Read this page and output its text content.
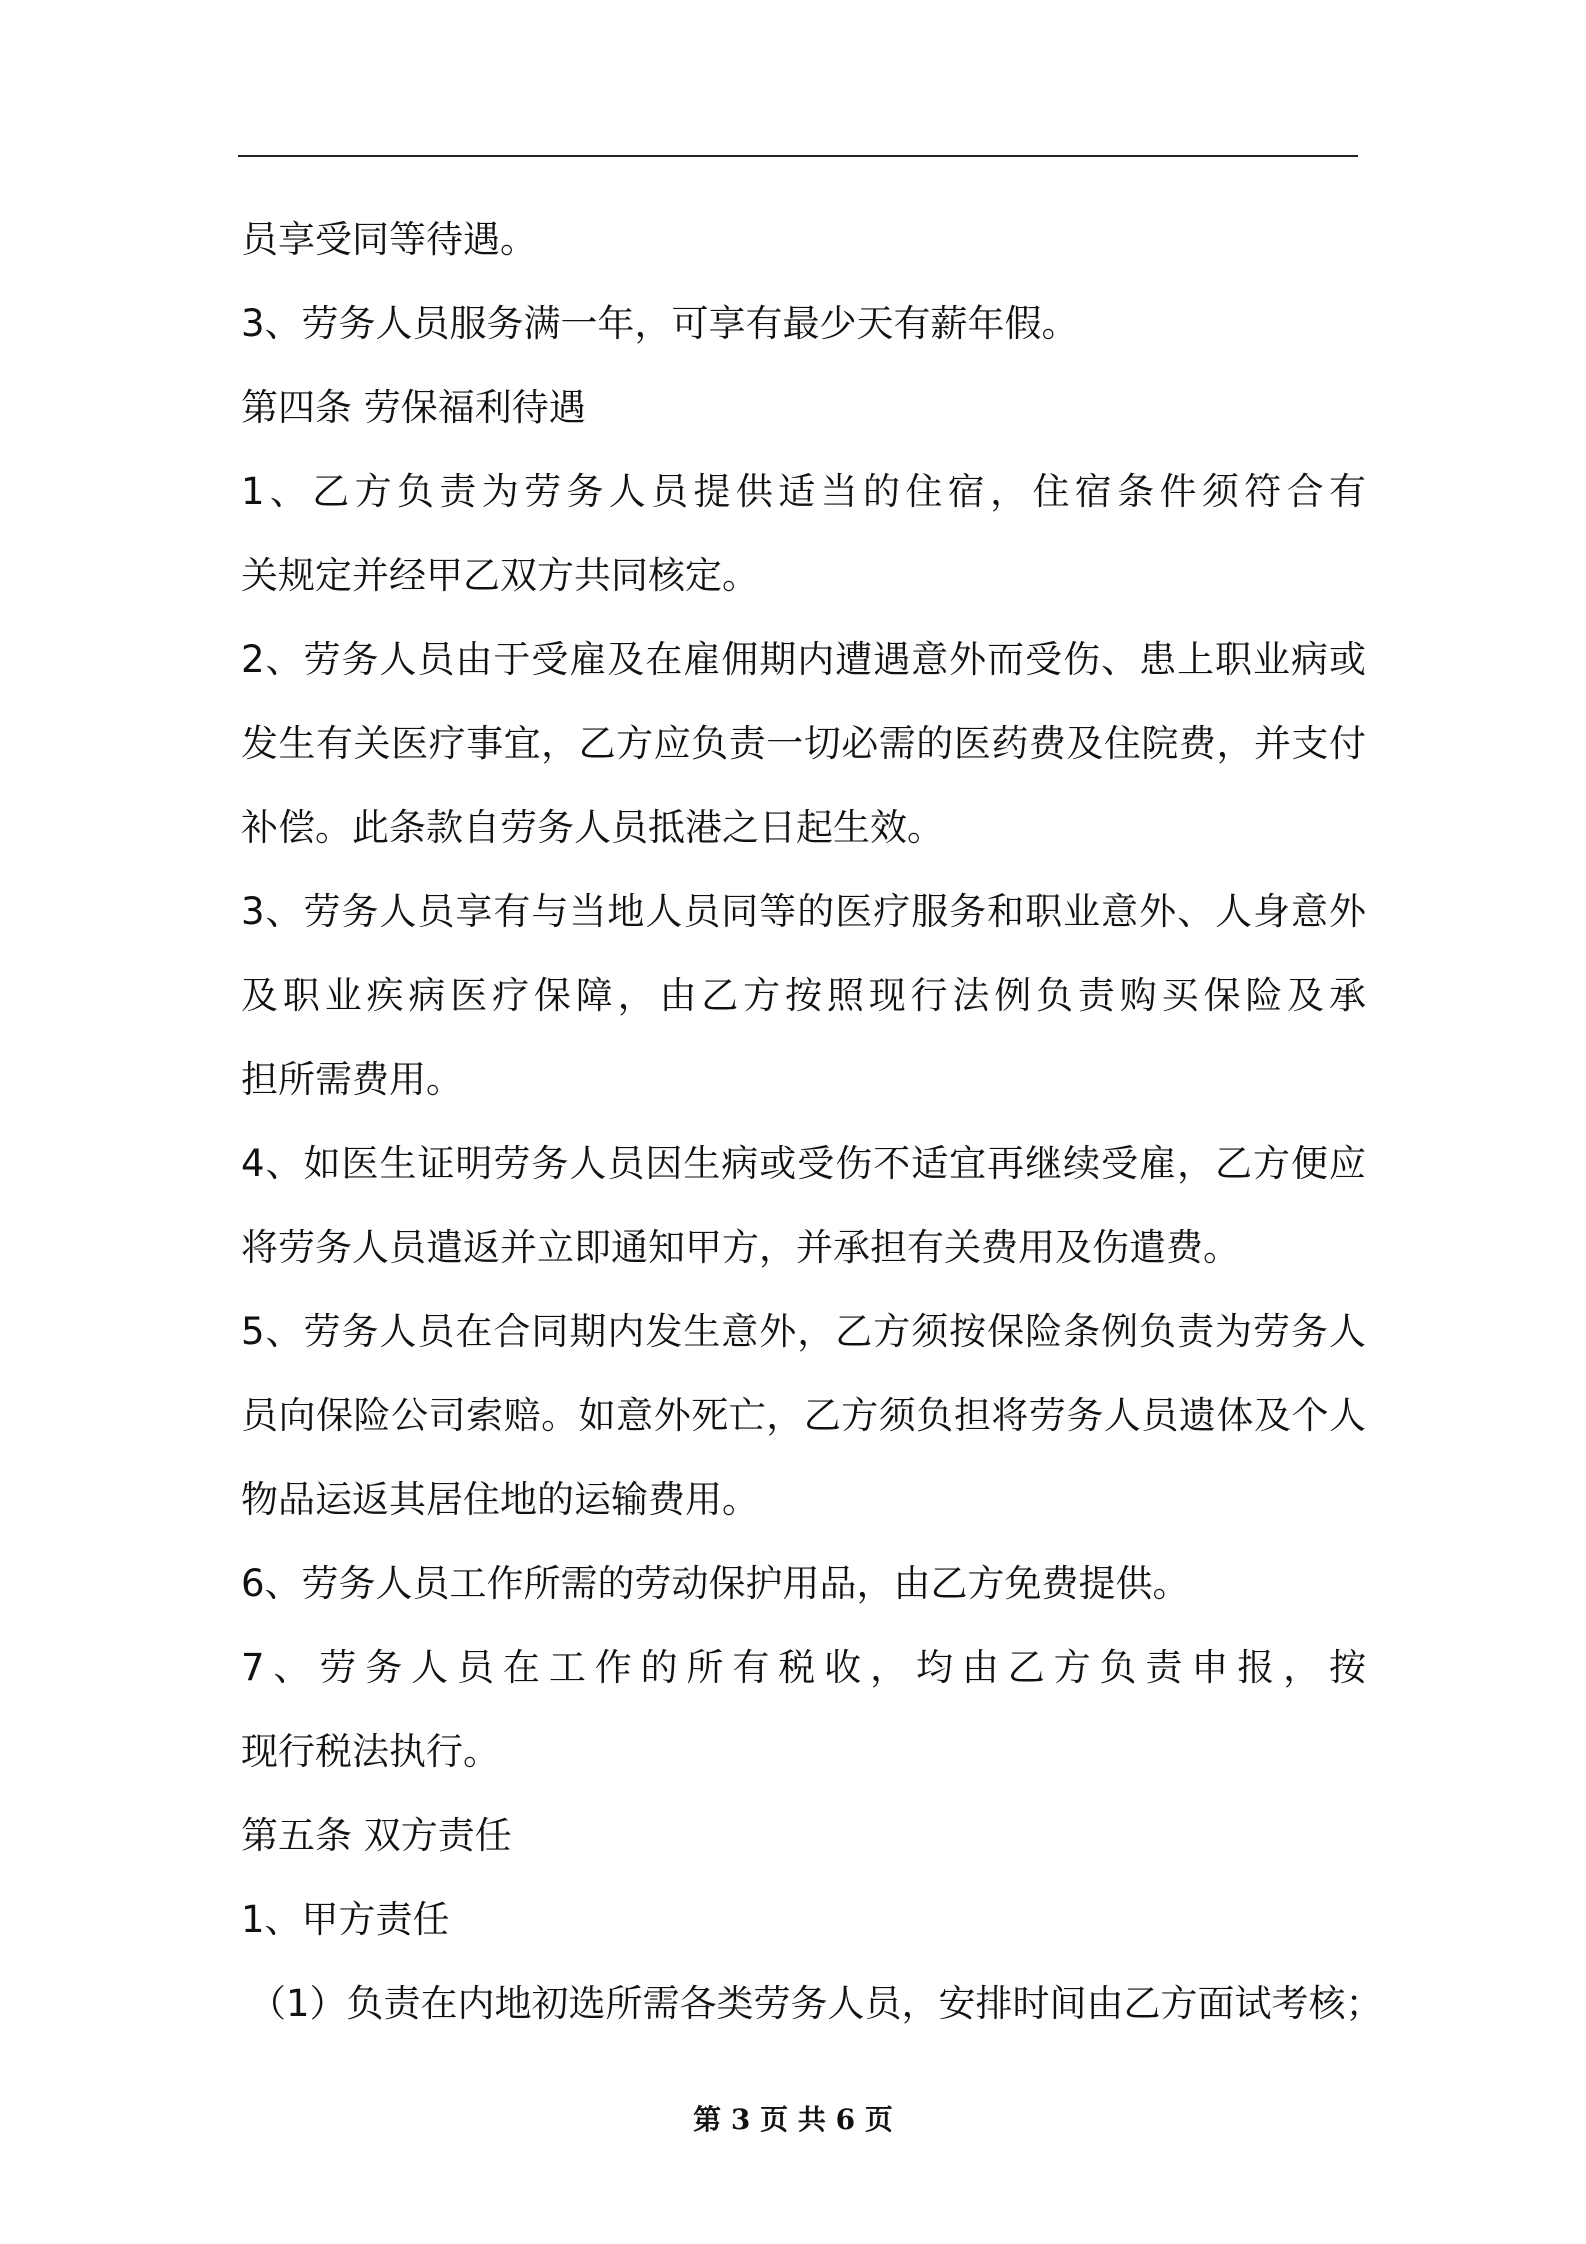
员享受同等待遇。
3、劳务人员服务满一年，可享有最少天有薪年假。
第四条 劳保福利待遇
1、乙方负责为劳务人员提供适当的住宿，住宿条件须符合有
关规定并经甲乙双方共同核定。
2、劳务人员由于受雇及在雇佣期内遭遇意外而受伤、患上职业病或
发生有关医疗事宜，乙方应负责一切必需的医药费及住院费，并支付
补偿。此条款自劳务人员抵港之日起生效。
3、劳务人员享有与当地人员同等的医疗服务和职业意外、人身意外
及职业疾病医疗保障，由乙方按照现行法例负责购买保险及承
担所需费用。
4、如医生证明劳务人员因生病或受伤不适宜再继续受雇，乙方便应
将劳务人员遣返并立即通知甲方，并承担有关费用及伤遣费。
5、劳务人员在合同期内发生意外，乙方须按保险条例负责为劳务人
员向保险公司索赔。如意外死亡，乙方须负担将劳务人员遗体及个人
物品运返其居住地的运输费用。
6、劳务人员工作所需的劳动保护用品，由乙方免费提供。
7、劳务人员在工作的所有税收，均由乙方负责申报，按
现行税法执行。
第五条 双方责任
1、甲方责任
（1）负责在内地初选所需各类劳务人员，安排时间由乙方面试考核；
第 3 页 共 6 页
